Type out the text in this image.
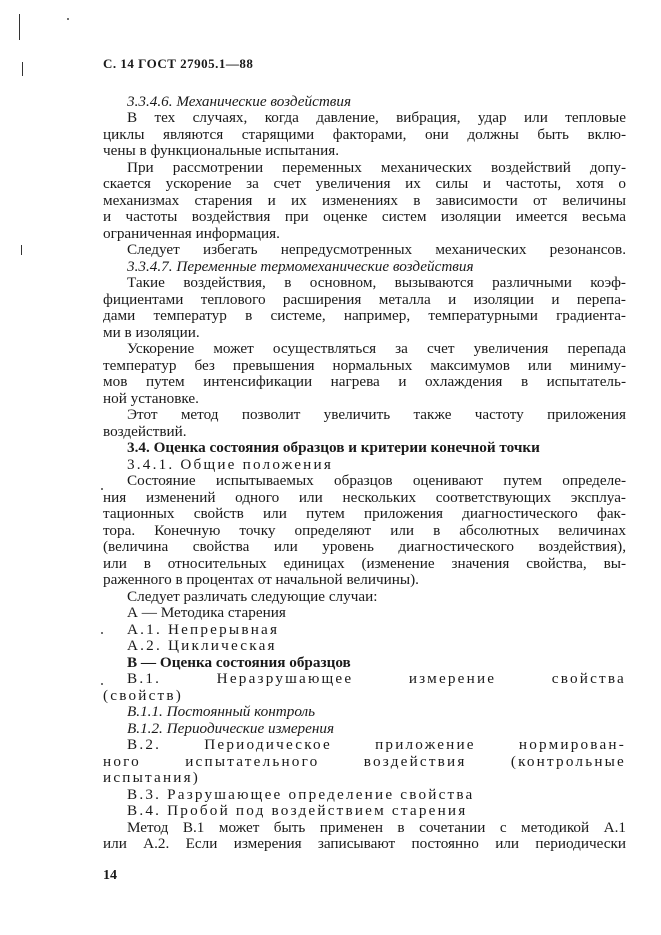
С. 14 ГОСТ 27905.1—88
3.3.4.6. Механические воздействия
В тех случаях, когда давление, вибрация, удар или тепловые
циклы являются старящими факторами, они должны быть вклю-
чены в функциональные испытания.
При рассмотрении переменных механических воздействий допу-
скается ускорение за счет увеличения их силы и частоты, хотя о
механизмах старения и их изменениях в зависимости от величины
и частоты воздействия при оценке систем изоляции имеется весьма
ограниченная информация.
Следует избегать непредусмотренных механических резонансов.
3.3.4.7. Переменные термомеханические воздействия
Такие воздействия, в основном, вызываются различными коэф-
фициентами теплового расширения металла и изоляции и перепа-
дами температур в системе, например, температурными градиента-
ми в изоляции.
Ускорение может осуществляться за счет увеличения перепада
температур без превышения нормальных максимумов или миниму-
мов путем интенсификации нагрева и охлаждения в испытатель-
ной установке.
Этот метод позволит увеличить также частоту приложения
воздействий.
3.4. Оценка состояния образцов и критерии конечной точки
3.4.1. Общие положения
Состояние испытываемых образцов оценивают путем определе-
ния изменений одного или нескольких соответствующих эксплуа-
тационных свойств или путем приложения диагностического фак-
тора. Конечную точку определяют или в абсолютных величинах
(величина свойства или уровень диагностического воздействия),
или в относительных единицах (изменение значения свойства, вы-
раженного в процентах от начальной величины).
Следует различать следующие случаи:
А — Методика старения
А.1. Непрерывная
А.2. Циклическая
В — Оценка состояния образцов
В.1. Неразрушающее измерение свойства
(свойств)
В.1.1. Постоянный контроль
В.1.2. Периодические измерения
В.2. Периодическое приложение нормирован-
ного испытательного воздействия (контрольные
испытания)
В.3. Разрушающее определение свойства
В.4. Пробой под воздействием старения
Метод В.1 может быть применен в сочетании с методикой А.1
или А.2. Если измерения записывают постоянно или периодически
14
